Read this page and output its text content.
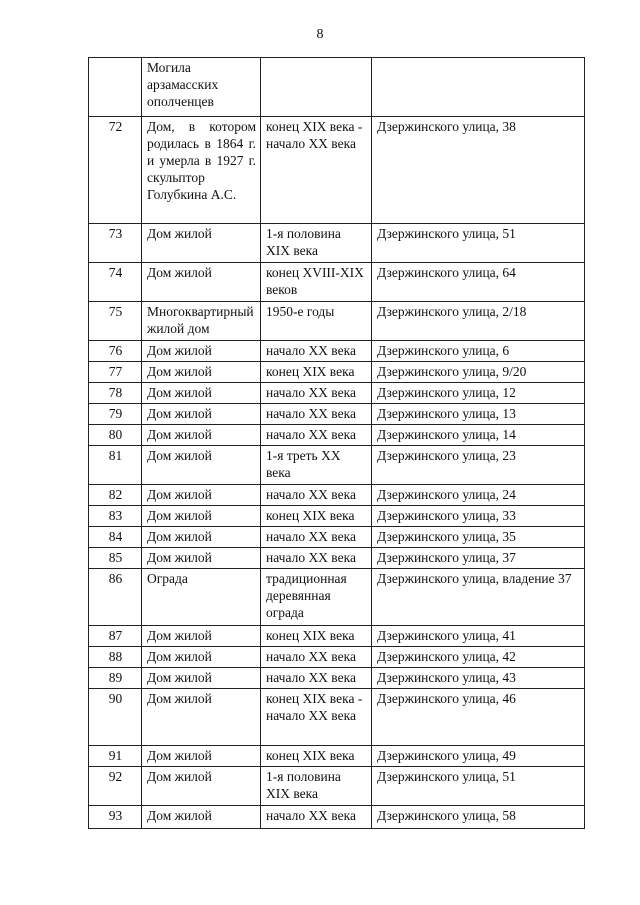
8
	Могила арзамасских ополченцев		
72	Дом, в котором родилась в 1864 г. и умерла в 1927 г. скульптор Голубкина А.С.	конец XIX века - начало XX века	Дзержинского улица, 38
73	Дом жилой	1-я половина XIX века	Дзержинского улица, 51
74	Дом жилой	конец XVIII-XIX веков	Дзержинского улица, 64
75	Многоквартирный жилой дом	1950-е годы	Дзержинского улица, 2/18
76	Дом жилой	начало XX века	Дзержинского улица, 6
77	Дом жилой	конец XIX века	Дзержинского улица, 9/20
78	Дом жилой	начало XX века	Дзержинского улица, 12
79	Дом жилой	начало XX века	Дзержинского улица, 13
80	Дом жилой	начало XX века	Дзержинского улица, 14
81	Дом жилой	1-я треть XX века	Дзержинского улица, 23
82	Дом жилой	начало XX века	Дзержинского улица, 24
83	Дом жилой	конец XIX века	Дзержинского улица, 33
84	Дом жилой	начало XX века	Дзержинского улица, 35
85	Дом жилой	начало XX века	Дзержинского улица, 37
86	Ограда	традиционная деревянная ограда	Дзержинского улица, владение 37
87	Дом жилой	конец XIX века	Дзержинского улица, 41
88	Дом жилой	начало XX века	Дзержинского улица, 42
89	Дом жилой	начало XX века	Дзержинского улица, 43
90	Дом жилой	конец XIX века - начало XX века	Дзержинского улица, 46
91	Дом жилой	конец XIX века	Дзержинского улица, 49
92	Дом жилой	1-я половина XIX века	Дзержинского улица, 51
93	Дом жилой	начало XX века	Дзержинского улица, 58
